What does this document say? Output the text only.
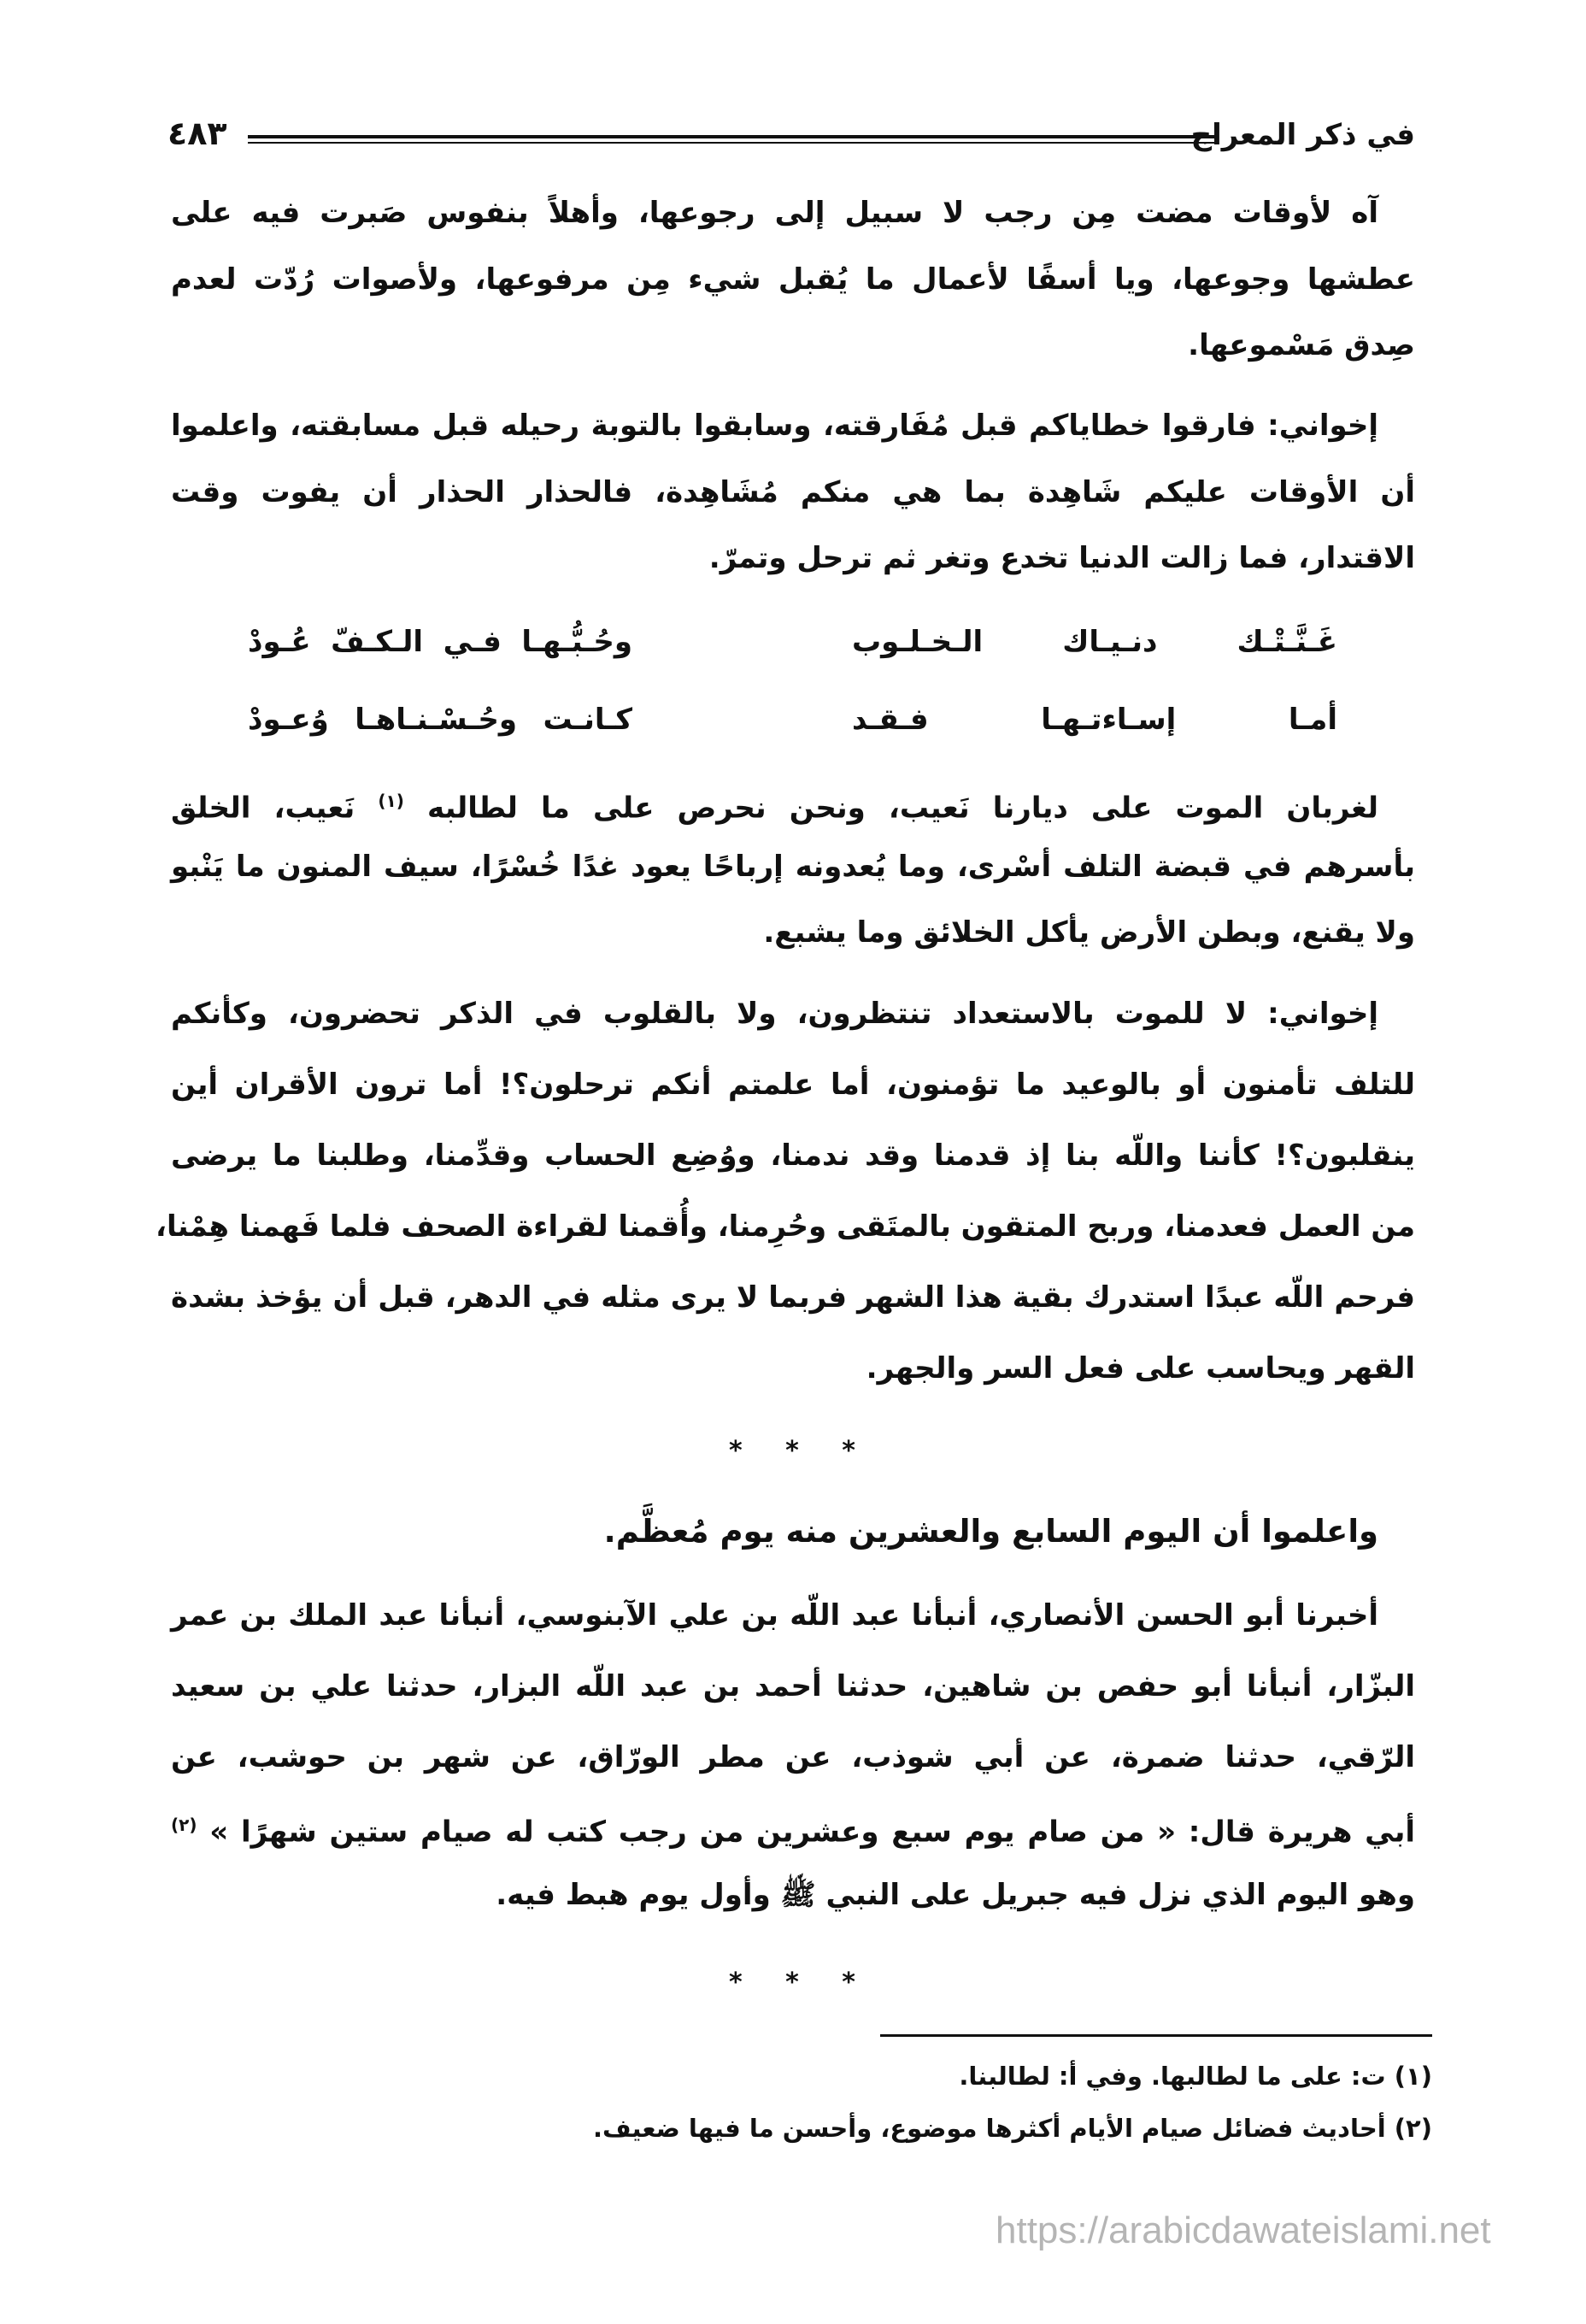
في ذكر المعراج
٤٨٣
آه لأوقات مضت مِن رجب لا سبيل إلى رجوعها، وأهلاً بنفوس صَبرت فيه على
عطشها وجوعها، ويا أسفًا لأعمال ما يُقبل شيء مِن مرفوعها، ولأصوات رُدّت لعدم
صِدق مَسْموعها.
إخواني: فارقوا خطاياكم قبل مُفَارقته، وسابقوا بالتوبة رحيله قبل مسابقته، واعلموا
أن الأوقات عليكم شَاهِدة بما هي منكم مُشَاهِدة، فالحذار الحذار أن يفوت وقت
الاقتدار، فما زالت الدنيا تخدع وتغر ثم ترحل وتمرّ.
غَـنَّـتْـك دنـيـاك الـخـلـوب
وحُـبُّـهـا فـي الـكـفّ عُـودْ
أمـا إسـاءتـهـا فـقـد
كـانـت وحُـسْـنـاهـا وُعـودْ
لغربان الموت على ديارنا نَعيب، ونحن نحرص على ما لطالبه $^{(١)}$ نَعيب، الخلق
بأسرهم في قبضة التلف أسْرى، وما يُعدونه إرباحًا يعود غدًا خُسْرًا، سيف المنون ما يَنْبو
ولا يقنع، وبطن الأرض يأكل الخلائق وما يشبع.
إخواني: لا للموت بالاستعداد تنتظرون، ولا بالقلوب في الذكر تحضرون، وكأنكم
للتلف تأمنون أو بالوعيد ما تؤمنون، أما علمتم أنكم ترحلون؟! أما ترون الأقران أين
ينقلبون؟! كأننا واللّه بنا إذ قدمنا وقد ندمنا، ووُضِع الحساب وقدِّمنا، وطلبنا ما يرضى
من العمل فعدمنا، وربح المتقون بالمتَقى وحُرِمنا، وأُقمنا لقراءة الصحف فلما فَهمنا هِمْنا،
فرحم اللّه عبدًا استدرك بقية هذا الشهر فربما لا يرى مثله في الدهر، قبل أن يؤخذ بشدة
القهر ويحاسب على فعل السر والجهر.
* * *
واعلموا أن اليوم السابع والعشرين منه يوم مُعظَّم.
أخبرنا أبو الحسن الأنصاري، أنبأنا عبد اللّه بن علي الآبنوسي، أنبأنا عبد الملك بن عمر
البزّار، أنبأنا أبو حفص بن شاهين، حدثنا أحمد بن عبد اللّه البزار، حدثنا علي بن سعيد
الرّقي، حدثنا ضمرة، عن أبي شوذب، عن مطر الورّاق، عن شهر بن حوشب، عن
أبي هريرة قال: « من صام يوم سبع وعشرين من رجب كتب له صيام ستين شهرًا » $^{(٢)}$
وهو اليوم الذي نزل فيه جبريل على النبي ﷺ وأول يوم هبط فيه.
* * *
(١) ت: على ما لطالبها. وفي أ: لطالبنا.
(٢) أحاديث فضائل صيام الأيام أكثرها موضوع، وأحسن ما فيها ضعيف.
https://arabicdawateislami.net
